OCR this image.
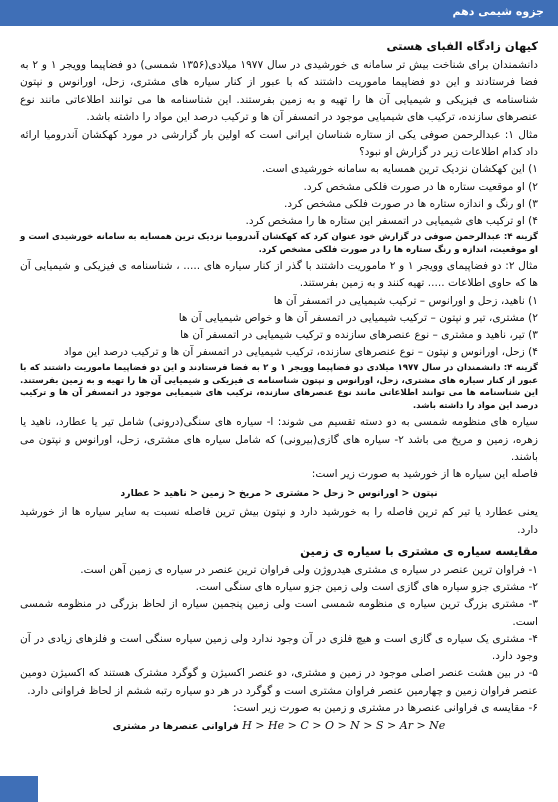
جزوه شیمی دهم

کیهان زادگاه الفبای هستی

دانشمندان برای شناخت بیش تر سامانه ی خورشیدی در سال ۱۹۷۷ میلادی(۱۳۵۶ شمسی) دو فضاپیما وویجر ۱ و ۲ به فضا فرستادند و این دو فضاپیما ماموریت داشتند که با عبور از کنار سیاره های مشتری، زحل، اورانوس و نپتون شناسنامه ی فیزیکی و شیمیایی آن ها را تهیه و به زمین بفرستند. این شناسنامه ها می توانند اطلاعاتی مانند نوع عنصرهای سازنده، ترکیب های شیمیایی موجود در اتمسفر آن ها و ترکیب درصد این مواد را داشته باشد.

مثال ۱: عبدالرحمن صوفی یکی از ستاره شناسان ایرانی است که اولین بار گزارشی در مورد کهکشان آندرومیا ارائه داد کدام اطلاعات زیر در گزارش او نبود؟

۱) این کهکشان نزدیک ترین همسایه به سامانه خورشیدی است.

۲) او موقعیت ستاره ها در صورت فلکی مشخص کرد.

۳) او رنگ و اندازه ستاره ها در صورت فلکی مشخص کرد.

۴) او ترکیب های شیمیایی در اتمسفر این ستاره ها را مشخص کرد.

گزینه ۴: عبدالرحمن صوفی در گزارش خود عنوان کرد که کهکشان آندرومیا نزدیک ترین همسایه به سامانه خورشیدی است و او موقعیت، اندازه و رنگ ستاره ها را در صورت فلکی مشخص کرد.

مثال ۲: دو فضاپیمای وویجر ۱ و ۲ ماموریت داشتند با گذر از کنار سیاره های ..... ، شناسنامه ی فیزیکی و شیمیایی آن ها که حاوی اطلاعات ..... تهیه کنند و به زمین بفرستند.

۱) ناهید، زحل و اورانوس – ترکیب شیمیایی در اتمسفر آن ها

۲) مشتری، تیر و نپتون – ترکیب شیمیایی در اتمسفر آن ها و خواص شیمیایی آن ها

۳) تیر، ناهید و مشتری – نوع عنصرهای سازنده و ترکیب شیمیایی در اتمسفر آن ها

۴) زحل، اورانوس و نپتون – نوع عنصرهای سازنده، ترکیب شیمیایی در اتمسفر آن ها و ترکیب درصد این مواد

گزینه ۴: دانشمندان در سال ۱۹۷۷ میلادی دو فضاپیما وویجر ۱ و ۲ به فضا فرستادند و این دو فضاپیما ماموریت داشتند که با عبور از کنار سیاره های مشتری، زحل، اورانوس و نپتون شناسنامه ی فیزیکی و شیمیایی آن ها را تهیه و به زمین بفرستند. این شناسنامه ها می توانند اطلاعاتی مانند نوع عنصرهای سازنده، ترکیب های شیمیایی موجود در اتمسفر آن ها و ترکیب درصد این مواد را داشته باشد.

سیاره های منظومه شمسی به دو دسته تقسیم می شوند: ا- سیاره های سنگی(درونی) شامل تیر یا عطارد، ناهید یا زهره، زمین و مریخ می باشد ۲- سیاره های گازی(بیرونی) که شامل سیاره های مشتری، زحل، اورانوس و نپتون می باشند.

فاصله این سیاره ها از خورشید به صورت زیر است:

نپتون < اورانوس < زحل < مشتری < مریخ < زمین < ناهید < عطارد

یعنی عطارد یا تیر کم ترین فاصله را به خورشید دارد و نپتون بیش ترین فاصله نسبت به سایر سیاره ها از خورشید دارد.

مقایسه سیاره ی مشتری با سیاره ی زمین

۱- فراوان ترین عنصر در سیاره ی مشتری هیدروژن ولی فراوان ترین عنصر در سیاره ی زمین آهن است.

۲- مشتری جزو سیاره های گازی است ولی زمین جزو سیاره های سنگی است.

۳- مشتری بزرگ ترین سیاره ی منظومه شمسی است ولی زمین پنجمین سیاره از لحاظ بزرگی در منظومه شمسی است.

۴- مشتری یک سیاره ی گازی است و هیچ فلزی در آن وجود ندارد ولی زمین سیاره سنگی است و فلزهای زیادی در آن وجود دارد.

۵- در بین هشت عنصر اصلی موجود در زمین و مشتری، دو عنصر اکسیژن و گوگرد مشترک هستند که اکسیژن دومین عنصر فراوان زمین و چهارمین عنصر فراوان مشتری است و گوگرد در هر دو سیاره رتبه ششم از لحاظ فراوانی دارد.

۶- مقایسه ی فراوانی عنصرها در مشتری و زمین به صورت زیر است:

H > He > C > O > N > S > Ar > Ne فراوانی عنصرها در مشتری
